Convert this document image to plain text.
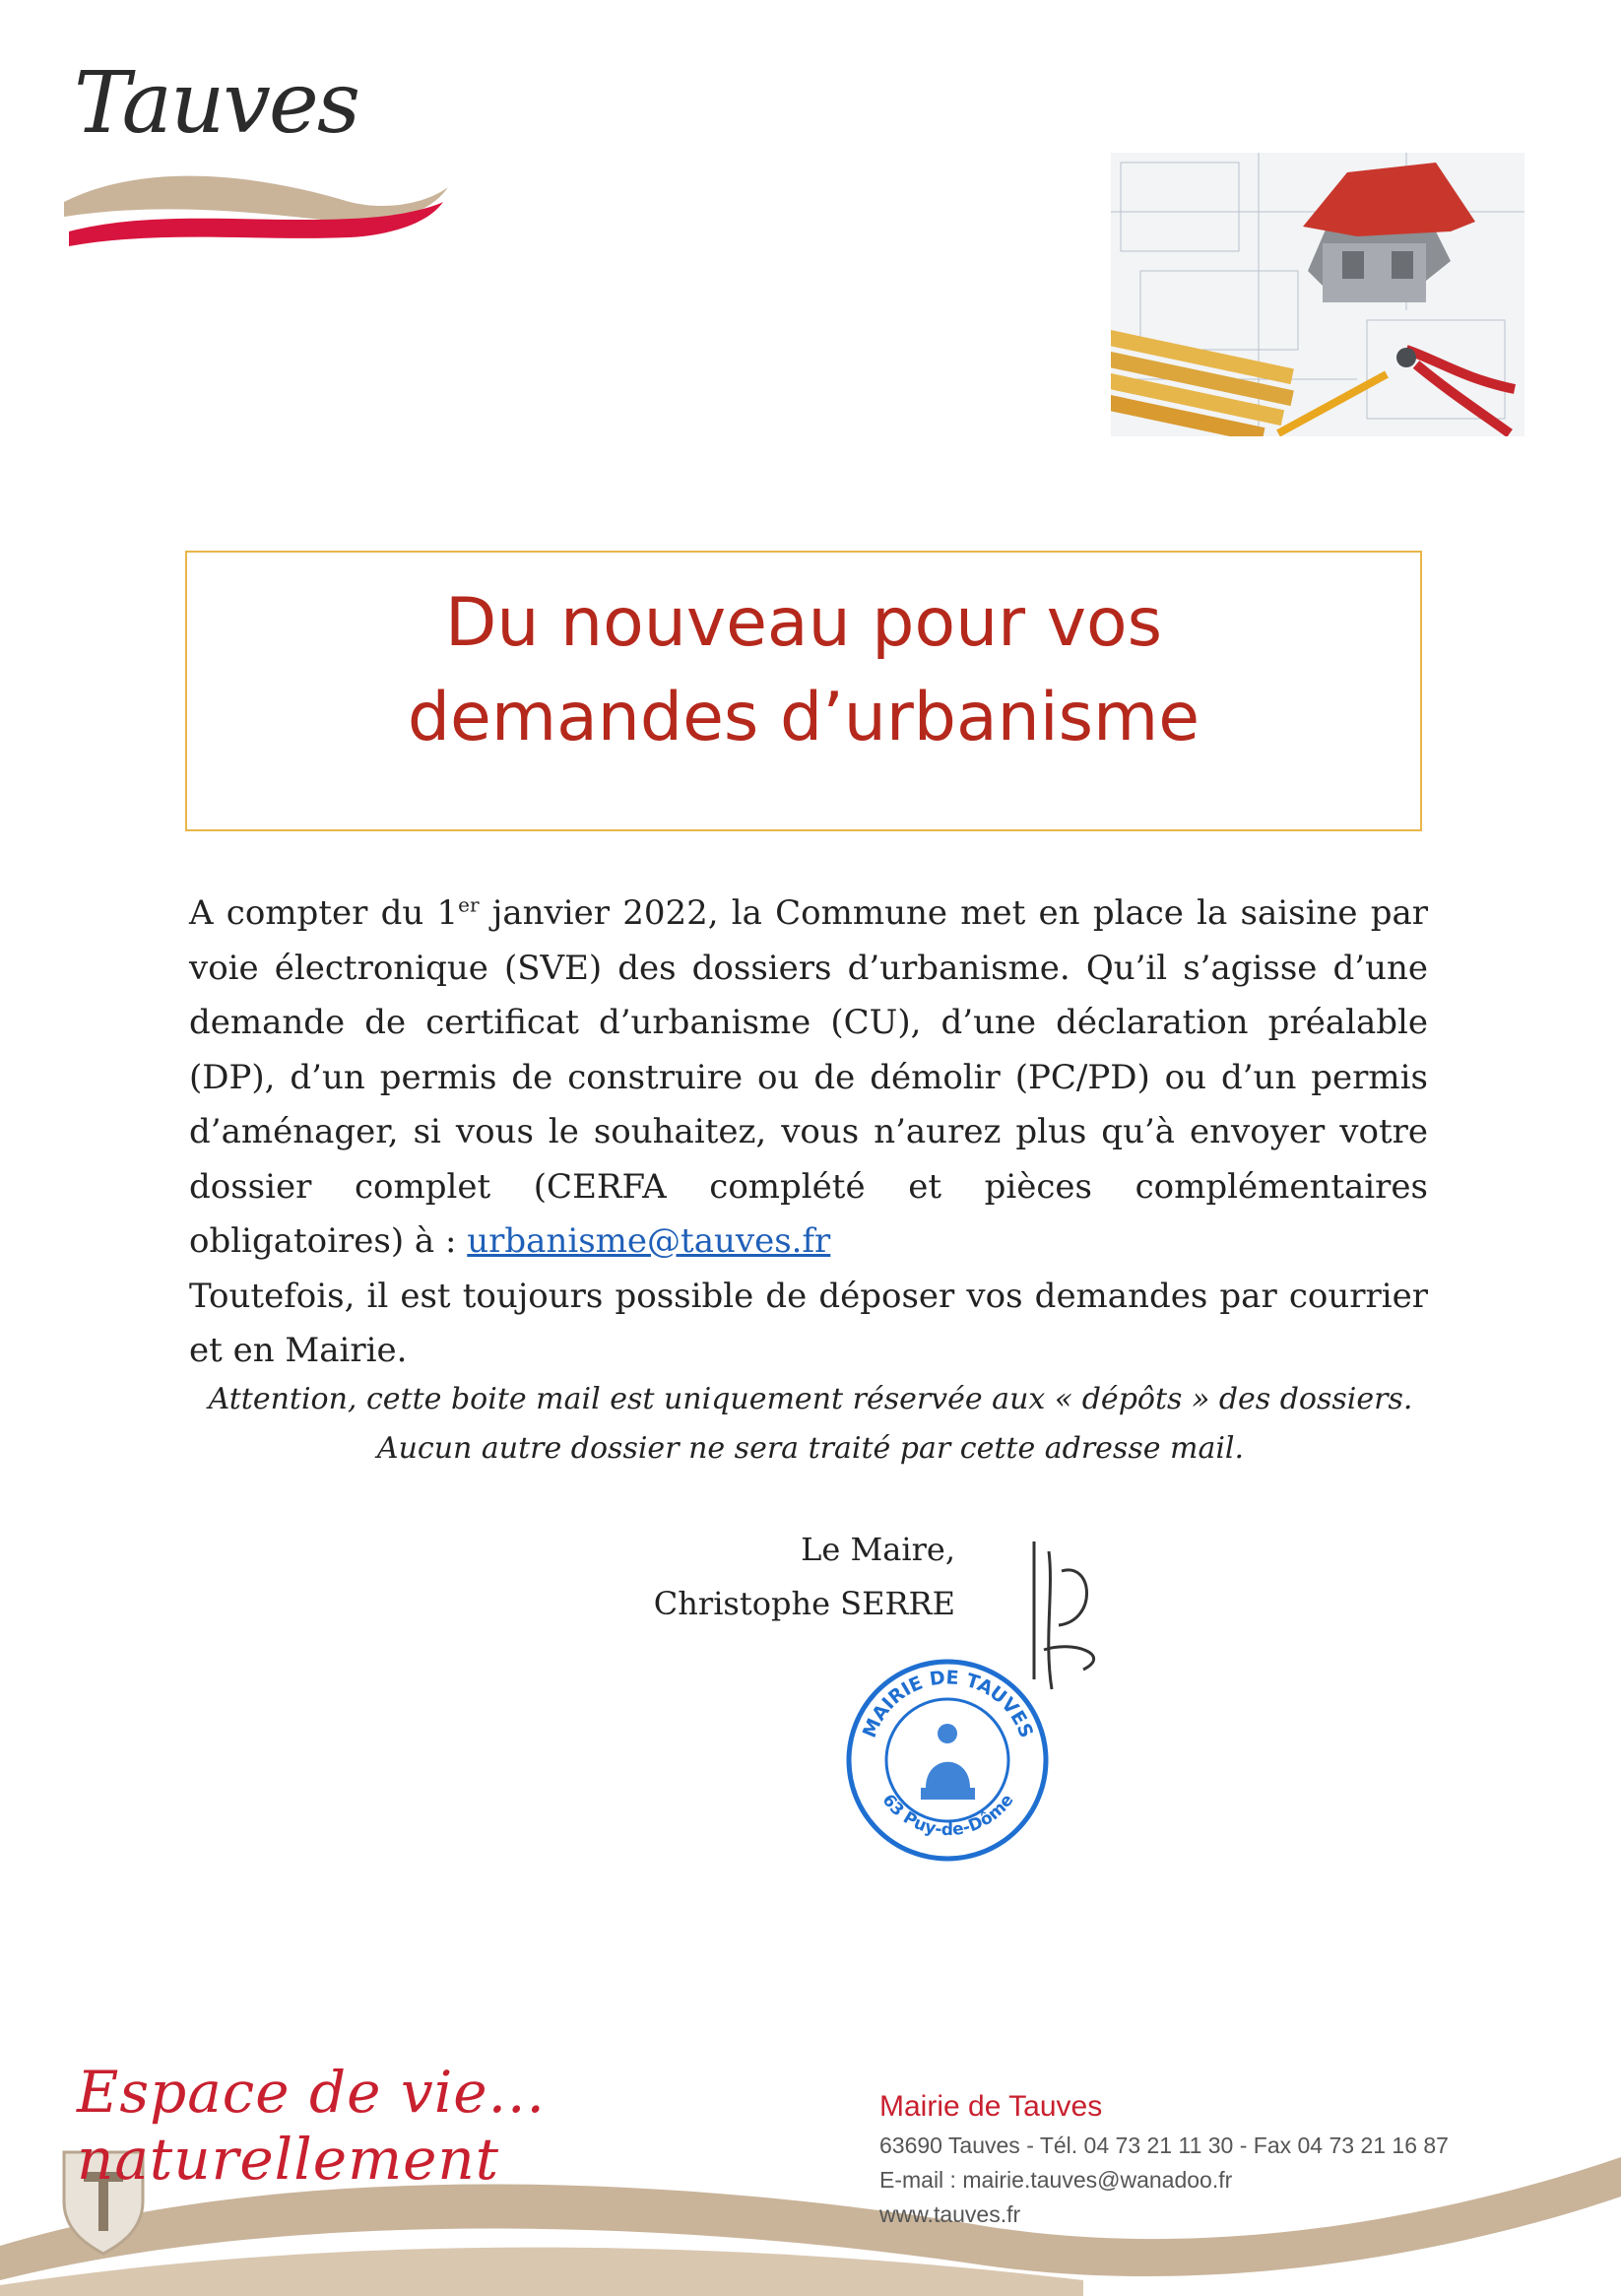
Tauves
Du nouveau pour vos
demandes d’urbanisme

A compter du 1er janvier 2022, la Commune met en place la saisine par voie électronique (SVE) des dossiers d’urbanisme. Qu’il s’agisse d’une demande de certificat d’urbanisme (CU), d’une déclaration préalable (DP), d’un permis de construire ou de démolir (PC/PD) ou d’un permis d’aménager, si vous le souhaitez, vous n’aurez plus qu’à envoyer votre dossier complet (CERFA complété et pièces complémentaires obligatoires) à : urbanisme@tauves.fr

Toutefois, il est toujours possible de déposer vos demandes par courrier et en Mairie.

Attention, cette boite mail est uniquement réservée aux « dépôts » des dossiers.
Aucun autre dossier ne sera traité par cette adresse mail.
Le Maire,
Christophe SERRE
MAIRIE DE TAUVES
63 Puy-de-Dôme
Espace de vie... naturellement
Mairie de Tauves
63690 Tauves - Tél. 04 73 21 11 30 - Fax 04 73 21 16 87
E-mail : mairie.tauves@wanadoo.fr
www.tauves.fr
